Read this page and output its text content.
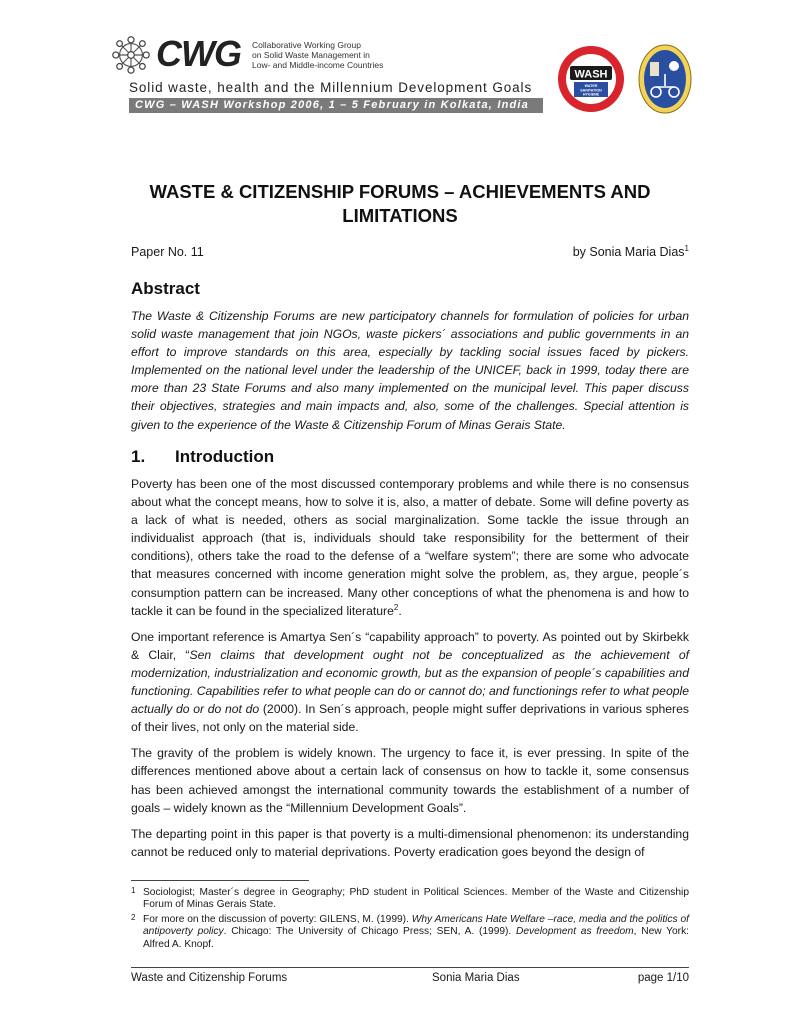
CWG Collaborative Working Group
on Solid Waste Management in
Low- and Middle-income Countries
Solid waste, health and the Millennium Development Goals
CWG – WASH Workshop 2006, 1 – 5 February in Kolkata, India
WASH
WATER
SANITATION
HYGIENE
WASTE & CITIZENSHIP FORUMS – ACHIEVEMENTS AND LIMITATIONS
Paper No. 11	by Sonia Maria Dias$^1$
Abstract

The Waste & Citizenship Forums are new participatory channels for formulation of policies for urban solid waste management that join NGOs, waste pickers´ associations and public governments in an effort to improve standards on this area, especially by tackling social issues faced by pickers. Implemented on the national level under the leadership of the UNICEF, back in 1999, today there are more than 23 State Forums and also many implemented on the municipal level. This paper discuss their objectives, strategies and main impacts and, also, some of the challenges. Special attention is given to the experience of the Waste & Citizenship Forum of Minas Gerais State.

1. Introduction

Poverty has been one of the most discussed contemporary problems and while there is no consensus about what the concept means, how to solve it is, also, a matter of debate. Some will define poverty as a lack of what is needed, others as social marginalization. Some tackle the issue through an individualist approach (that is, individuals should take responsibility for the betterment of their conditions), others take the road to the defense of a “welfare system”; there are some who advocate that measures concerned with income generation might solve the problem, as, they argue, people´s consumption pattern can be increased. Many other conceptions of what the phenomena is and how to tackle it can be found in the specialized literature$^2$.

One important reference is Amartya Sen´s “capability approach” to poverty. As pointed out by Skirbekk & Clair, “Sen claims that development ought not be conceptualized as the achievement of modernization, industrialization and economic growth, but as the expansion of people´s capabilities and functioning. Capabilities refer to what people can do or cannot do; and functionings refer to what people actually do or do not do (2000). In Sen´s approach, people might suffer deprivations in various spheres of their lives, not only on the material side.

The gravity of the problem is widely known. The urgency to face it, is ever pressing. In spite of the differences mentioned above about a certain lack of consensus on how to tackle it, some consensus has been achieved amongst the international community towards the establishment of a number of goals – widely known as the “Millennium Development Goals”.

The departing point in this paper is that poverty is a multi-dimensional phenomenon: its understanding cannot be reduced only to material deprivations. Poverty eradication goes beyond the design of

1 Sociologist; Master´s degree in Geography; PhD student in Political Sciences. Member of the Waste and Citizenship Forum of Minas Gerais State.
2 For more on the discussion of poverty: GILENS, M. (1999). Why Americans Hate Welfare –race, media and the politics of antipoverty policy. Chicago: The University of Chicago Press; SEN, A. (1999). Development as freedom, New York: Alfred A. Knopf.
Waste and Citizenship Forums	Sonia Maria Dias	page 1/10
